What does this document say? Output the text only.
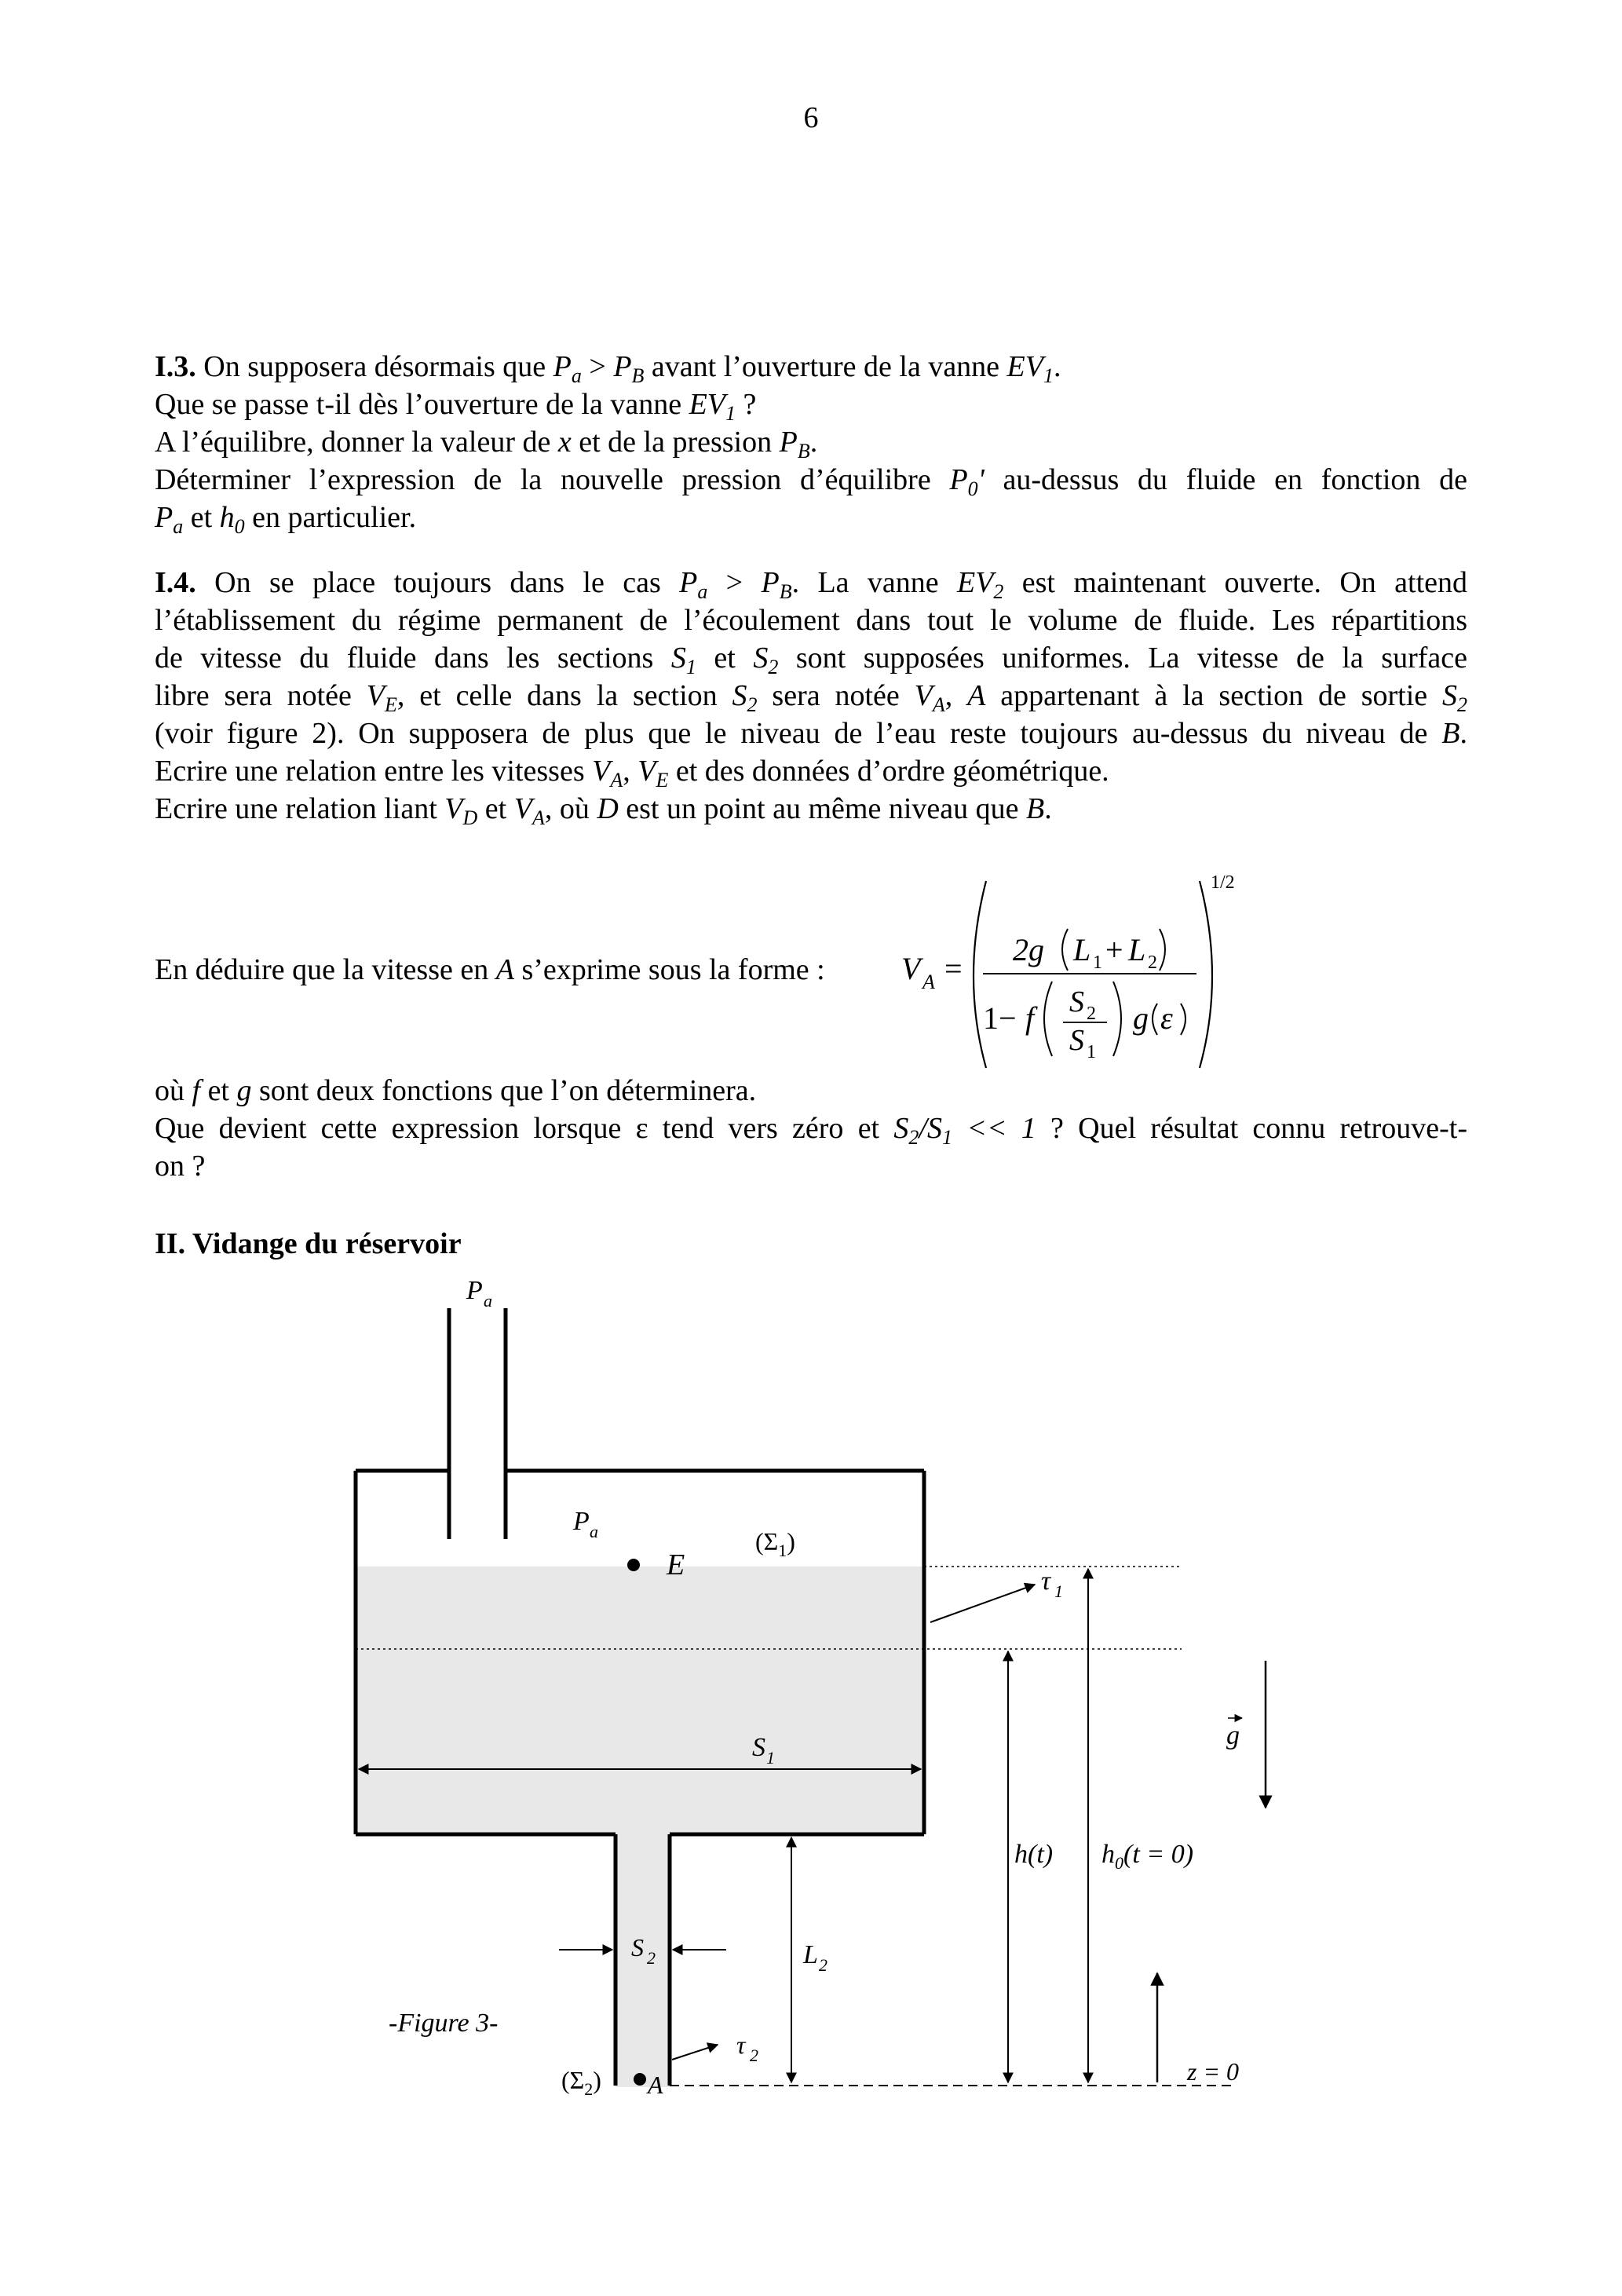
6
I.3. On supposera désormais que $P_a > P_B$ avant l’ouverture de la vanne $EV_1$.
Que se passe t-il dès l’ouverture de la vanne $EV_1$ ?
A l’équilibre, donner la valeur de x et de la pression $P_B$.
Déterminer l’expression de la nouvelle pression d’équilibre $P_0'$ au-dessus du fluide en fonction de
$P_a$ et $h_0$ en particulier.
I.4. On se place toujours dans le cas $P_a > P_B$. La vanne $EV_2$ est maintenant ouverte. On attend
l’établissement du régime permanent de l’écoulement dans tout le volume de fluide. Les répartitions
de vitesse du fluide dans les sections $S_1$ et $S_2$ sont supposées uniformes. La vitesse de la surface
libre sera notée $V_E$, et celle dans la section $S_2$ sera notée $V_A$, A appartenant à la section de sortie $S_2$
(voir figure 2). On supposera de plus que le niveau de l’eau reste toujours au-dessus du niveau de B.
Ecrire une relation entre les vitesses $V_A$, $V_E$ et des données d’ordre géométrique.
Ecrire une relation liant $V_D$ et $V_A$, où D est un point au même niveau que B.
En déduire que la vitesse en A s’exprime sous la forme :
où f et g sont deux fonctions que l’on déterminera.
Que devient cette expression lorsque ε tend vers zéro et $S_2/S_1 << 1$ ? Quel résultat connu retrouve-t-
on ?
II. Vidange du réservoir
V A =
1/2
2g L 1 + L 2
1− f S 2
S 1
g ε
P a
P a
E
$(\Sigma_1)$
τ 1
S 1
g
h(t) $h_0(t = 0)$
S 2	L 2
-Figure 3-
τ 2
$(\Sigma_2)$ A	z = 0
